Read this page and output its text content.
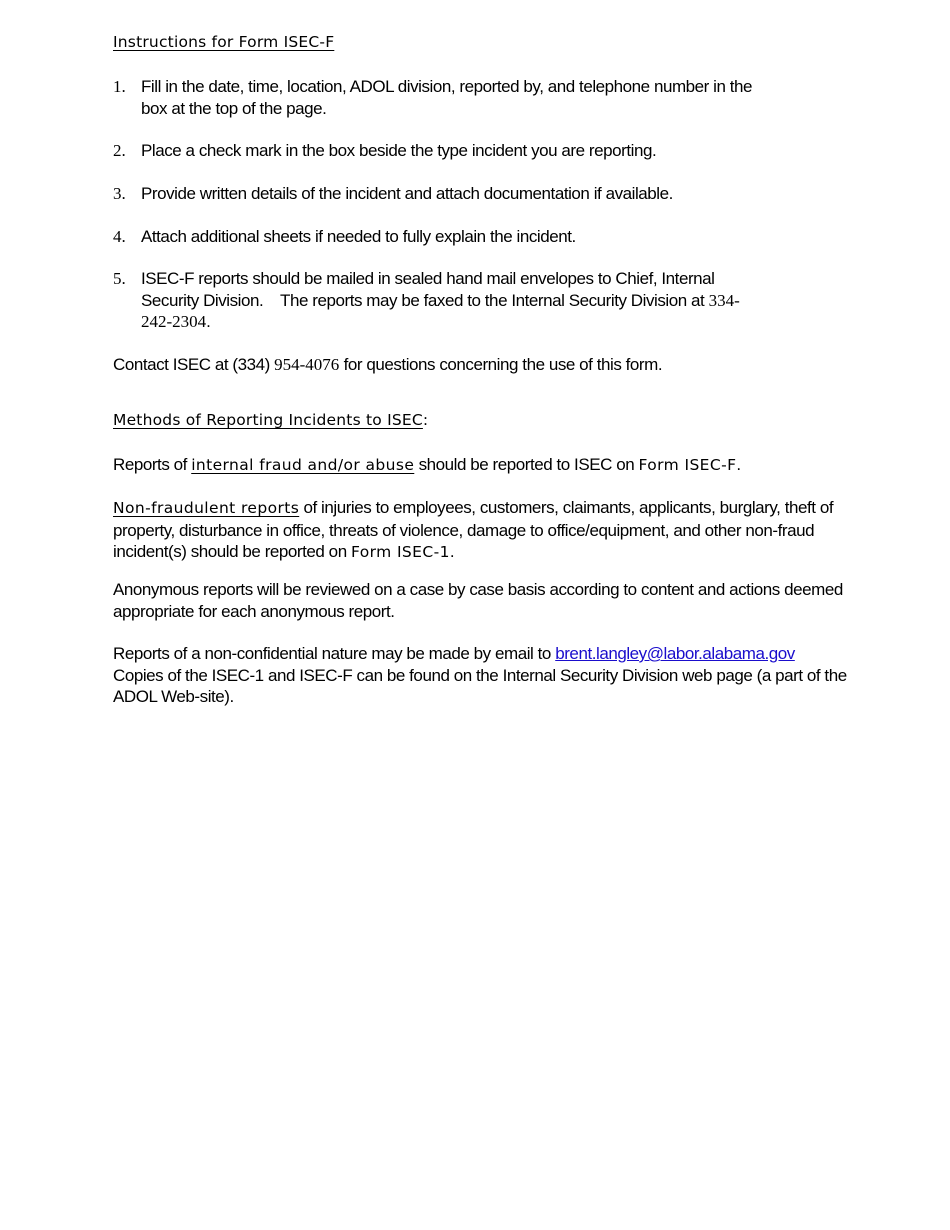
Instructions for Form ISEC-F
1. Fill in the date, time, location, ADOL division, reported by, and telephone number in the box at the top of the page.
2. Place a check mark in the box beside the type incident you are reporting.
3. Provide written details of the incident and attach documentation if available.
4. Attach additional sheets if needed to fully explain the incident.
5. ISEC-F reports should be mailed in sealed hand mail envelopes to Chief, Internal Security Division.    The reports may be faxed to the Internal Security Division at 334-242-2304.
Contact ISEC at (334) 954-4076 for questions concerning the use of this form.
Methods of Reporting Incidents to ISEC:
Reports of internal fraud and/or abuse should be reported to ISEC on Form ISEC-F.
Non-fraudulent reports of injuries to employees, customers, claimants, applicants, burglary, theft of property, disturbance in office, threats of violence, damage to office/equipment, and other non-fraud incident(s) should be reported on Form ISEC-1.
Anonymous reports will be reviewed on a case by case basis according to content and actions deemed appropriate for each anonymous report.
Reports of a non-confidential nature may be made by email to brent.langley@labor.alabama.gov Copies of the ISEC-1 and ISEC-F can be found on the Internal Security Division web page (a part of the ADOL Web-site).
